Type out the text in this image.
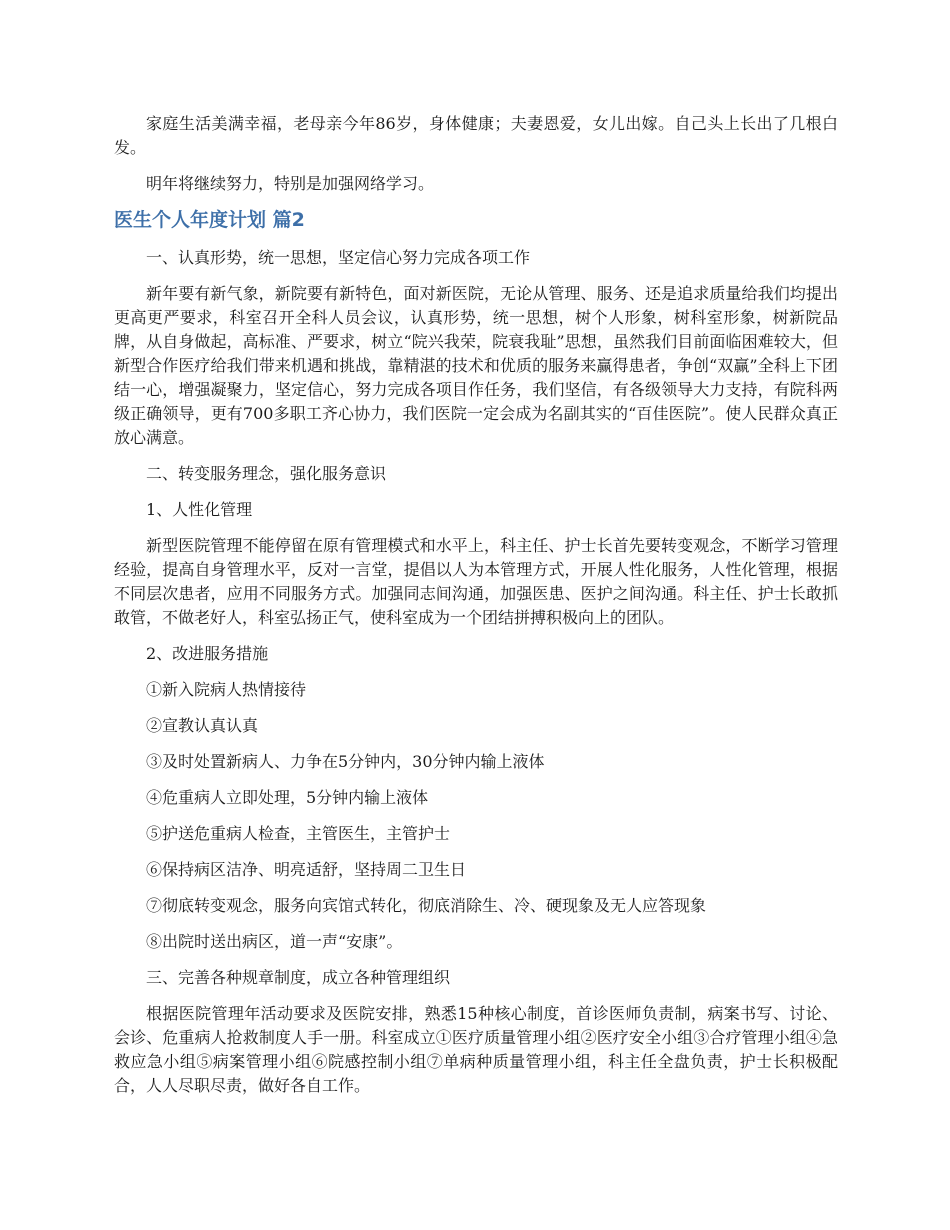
家庭生活美满幸福，老母亲今年86岁，身体健康；夫妻恩爱，女儿出嫁。自己头上长出了几根白发。

明年将继续努力，特别是加强网络学习。

医生个人年度计划 篇2

一、认真形势，统一思想，坚定信心努力完成各项工作

新年要有新气象，新院要有新特色，面对新医院，无论从管理、服务、还是追求质量给我们均提出更高更严要求，科室召开全科人员会议，认真形势，统一思想，树个人形象，树科室形象，树新院品牌，从自身做起，高标准、严要求，树立“院兴我荣，院衰我耻”思想，虽然我们目前面临困难较大，但新型合作医疗给我们带来机遇和挑战，靠精湛的技术和优质的服务来赢得患者，争创“双赢”全科上下团结一心，增强凝聚力，坚定信心，努力完成各项目作任务，我们坚信，有各级领导大力支持，有院科两级正确领导，更有700多职工齐心协力，我们医院一定会成为名副其实的“百佳医院”。使人民群众真正放心满意。

二、转变服务理念，强化服务意识

1、人性化管理

新型医院管理不能停留在原有管理模式和水平上，科主任、护士长首先要转变观念，不断学习管理经验，提高自身管理水平，反对一言堂，提倡以人为本管理方式，开展人性化服务，人性化管理，根据不同层次患者，应用不同服务方式。加强同志间沟通，加强医患、医护之间沟通。科主任、护士长敢抓敢管，不做老好人，科室弘扬正气，使科室成为一个团结拼搏积极向上的团队。

2、改进服务措施

①新入院病人热情接待

②宣教认真认真

③及时处置新病人、力争在5分钟内，30分钟内输上液体

④危重病人立即处理，5分钟内输上液体

⑤护送危重病人检查，主管医生，主管护士

⑥保持病区洁净、明亮适舒，坚持周二卫生日

⑦彻底转变观念，服务向宾馆式转化，彻底消除生、冷、硬现象及无人应答现象

⑧出院时送出病区，道一声“安康”。

三、完善各种规章制度，成立各种管理组织

根据医院管理年活动要求及医院安排，熟悉15种核心制度，首诊医师负责制，病案书写、讨论、会诊、危重病人抢救制度人手一册。科室成立①医疗质量管理小组②医疗安全小组③合疗管理小组④急救应急小组⑤病案管理小组⑥院感控制小组⑦单病种质量管理小组，科主任全盘负责，护士长积极配合，人人尽职尽责，做好各自工作。
